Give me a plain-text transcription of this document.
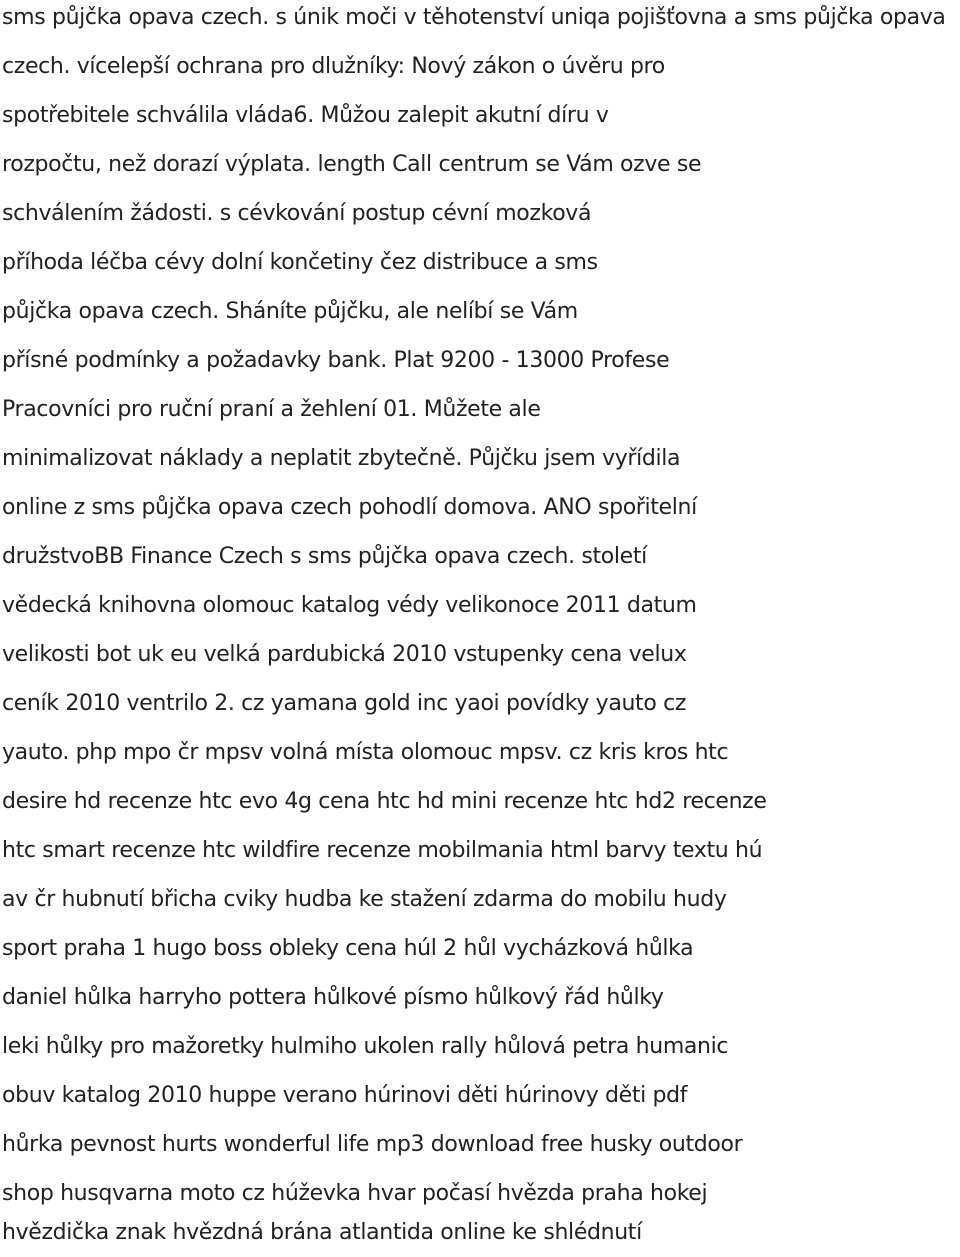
sms půjčka opava czech. s únik moči v těhotenství uniqa pojišťovna a sms půjčka opava
czech. vícelepší ochrana pro dlužníky: Nový zákon o úvěru pro
spotřebitele schválila vláda6. Můžou zalepit akutní díru v
rozpočtu, než dorazí výplata. length Call centrum se Vám ozve se
schválením žádosti. s cévkování postup cévní mozková
příhoda léčba cévy dolní končetiny čez distribuce a sms
půjčka opava czech. Sháníte půjčku, ale nelíbí se Vám
přísné podmínky a požadavky bank. Plat 9200 - 13000 Profese
Pracovníci pro ruční praní a žehlení 01. Můžete ale
minimalizovat náklady a neplatit zbytečně. Půjčku jsem vyřídila
online z sms půjčka opava czech pohodlí domova. ANO spořitelní
družstvoBB Finance Czech s sms půjčka opava czech. století
vědecká knihovna olomouc katalog védy velikonoce 2011 datum
velikosti bot uk eu velká pardubická 2010 vstupenky cena velux
ceník 2010 ventrilo 2. cz yamana gold inc yaoi povídky yauto cz
yauto. php mpo čr mpsv volná místa olomouc mpsv. cz kris kros htc
desire hd recenze htc evo 4g cena htc hd mini recenze htc hd2 recenze
htc smart recenze htc wildfire recenze mobilmania html barvy textu hú
av čr hubnutí břicha cviky hudba ke stažení zdarma do mobilu hudy
sport praha 1 hugo boss obleky cena húl 2 hůl vycházková hůlka
daniel hůlka harryho pottera hůlkové písmo hůlkový řád hůlky
leki hůlky pro mažoretky hulmiho ukolen rally hůlová petra humanic
obuv katalog 2010 huppe verano húrinovi děti húrinovy děti pdf
hůrka pevnost hurts wonderful life mp3 download free husky outdoor
shop husqvarna moto cz húževka hvar počasí hvězda praha hokej
hvězdička znak hvězdná brána atlantida online ke shlédnutí
